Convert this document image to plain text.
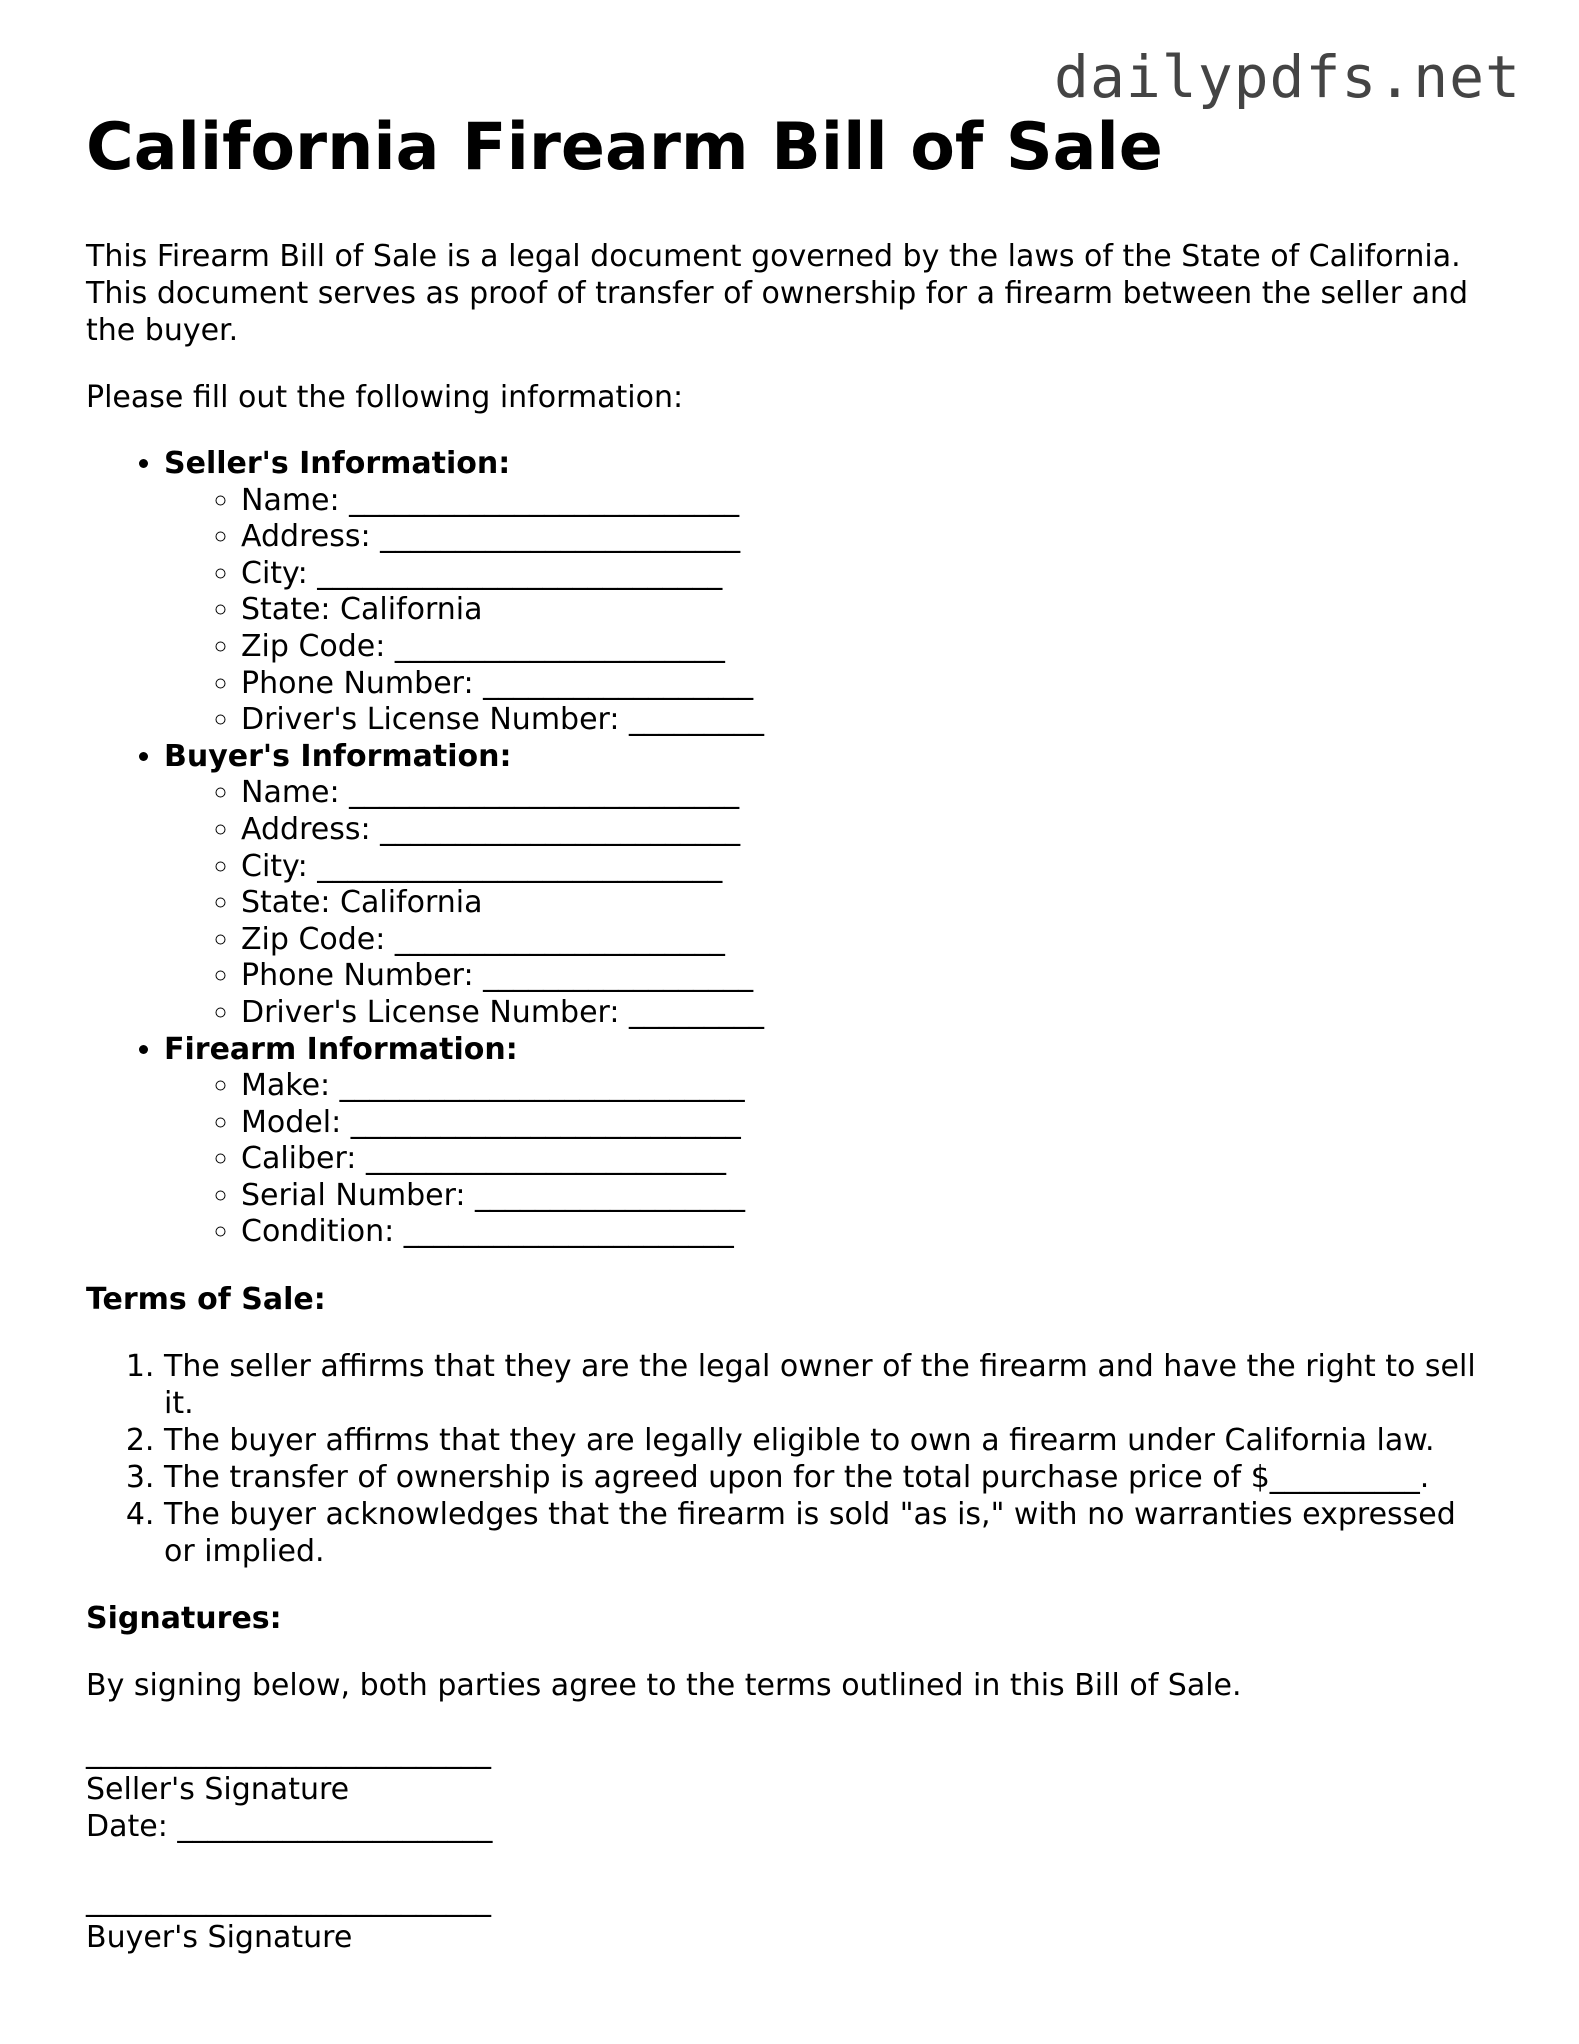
dailypdfs.net
California Firearm Bill of Sale

This Firearm Bill of Sale is a legal document governed by the laws of the State of California. This document serves as proof of transfer of ownership for a firearm between the seller and the buyer.

Please fill out the following information:

• Seller's Information:
◦ Name: __________________________
◦ Address: ________________________
◦ City: ___________________________
◦ State: California
◦ Zip Code: ______________________
◦ Phone Number: __________________
◦ Driver's License Number: _________
• Buyer's Information:
◦ Name: __________________________
◦ Address: ________________________
◦ City: ___________________________
◦ State: California
◦ Zip Code: ______________________
◦ Phone Number: __________________
◦ Driver's License Number: _________
• Firearm Information:
◦ Make: ___________________________
◦ Model: __________________________
◦ Caliber: ________________________
◦ Serial Number: __________________
◦ Condition: ______________________

Terms of Sale:

1. The seller affirms that they are the legal owner of the firearm and have the right to sell it.
2. The buyer affirms that they are legally eligible to own a firearm under California law.
3. The transfer of ownership is agreed upon for the total purchase price of $__________.
4. The buyer acknowledges that the firearm is sold "as is," with no warranties expressed or implied.

Signatures:

By signing below, both parties agree to the terms outlined in this Bill of Sale.

___________________________
Seller's Signature
Date: _____________________
___________________________
Buyer's Signature
